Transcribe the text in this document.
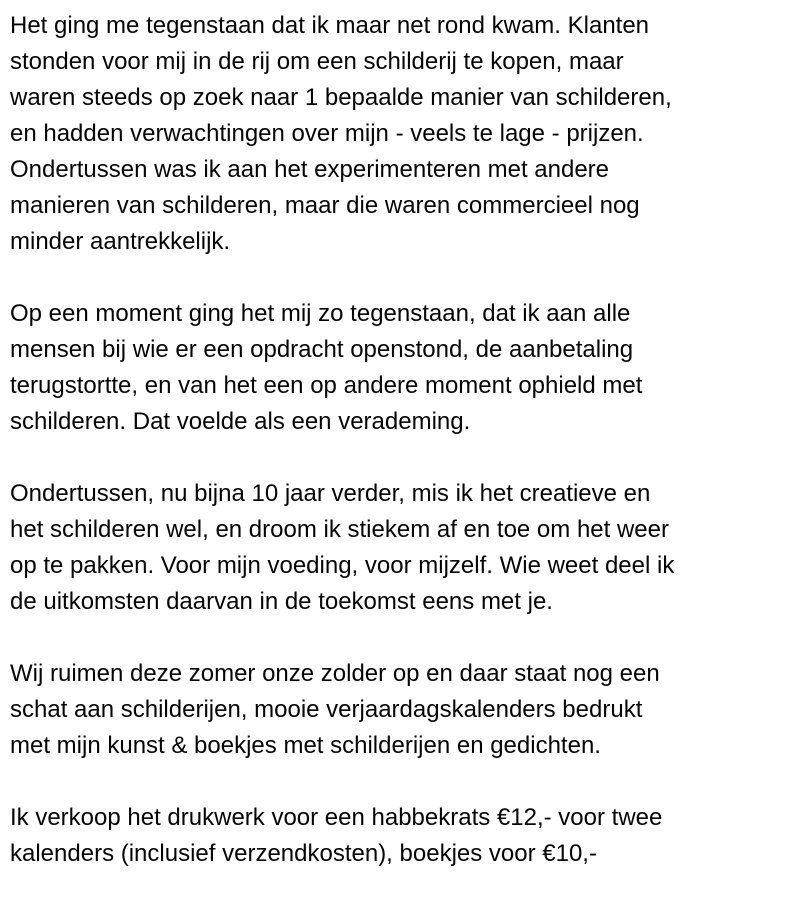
Het ging me tegenstaan dat ik maar net rond kwam. Klanten
stonden voor mij in de rij om een schilderij te kopen, maar
waren steeds op zoek naar 1 bepaalde manier van schilderen,
en hadden verwachtingen over mijn - veels te lage - prijzen.
Ondertussen was ik aan het experimenteren met andere
manieren van schilderen, maar die waren commercieel nog
minder aantrekkelijk.
Op een moment ging het mij zo tegenstaan, dat ik aan alle
mensen bij wie er een opdracht openstond, de aanbetaling
terugstortte, en van het een op andere moment ophield met
schilderen. Dat voelde als een verademing.
Ondertussen, nu bijna 10 jaar verder, mis ik het creatieve en
het schilderen wel, en droom ik stiekem af en toe om het weer
op te pakken. Voor mijn voeding, voor mijzelf. Wie weet deel ik
de uitkomsten daarvan in de toekomst eens met je.
Wij ruimen deze zomer onze zolder op en daar staat nog een
schat aan schilderijen, mooie verjaardagskalenders bedrukt
met mijn kunst & boekjes met schilderijen en gedichten.
Ik verkoop het drukwerk voor een habbekrats €12,- voor twee
kalenders (inclusief verzendkosten), boekjes voor €10,-
